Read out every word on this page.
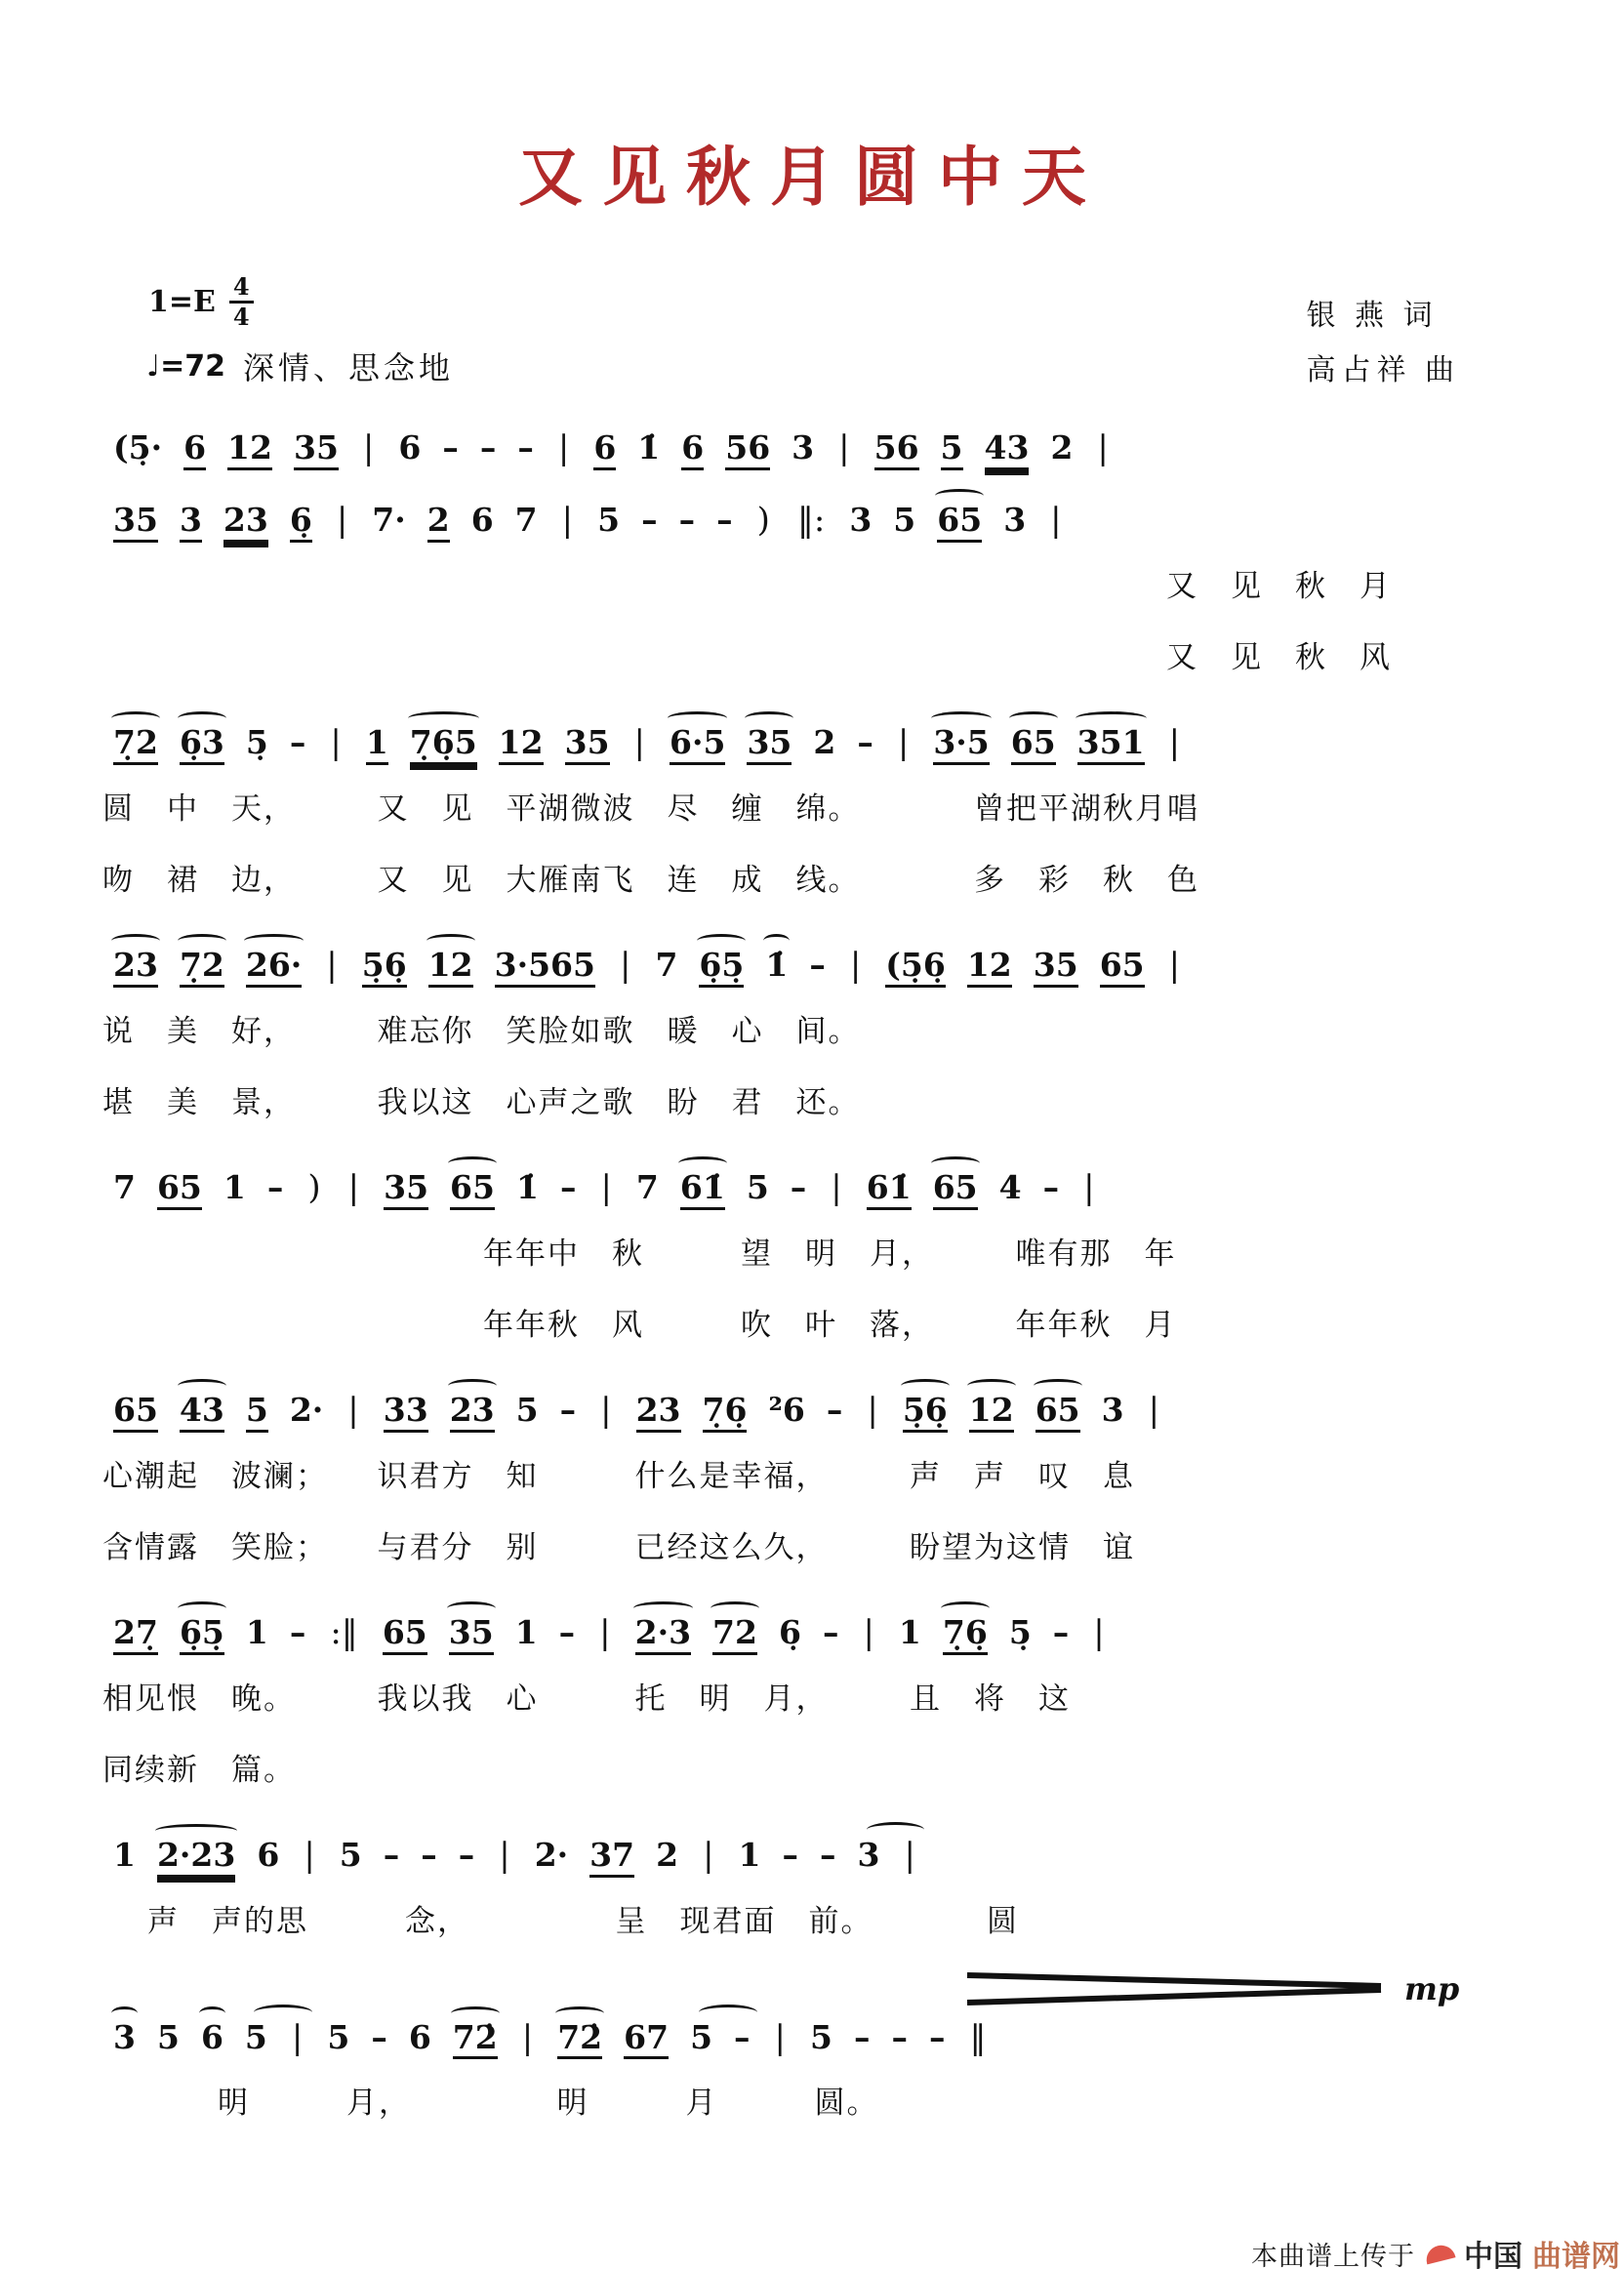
又见秋月圆中天
$1=E \frac{4}{4}$
♩=72 深情、思念地
银 燕 词
高占祥 曲
(5̣· 6 12 35 | 6 – – – | 6 1̇ 6 56 3 | 56 5 43 2 |
35 3 23 6̣ | 7· 2 6 7 | 5 – – – ) ‖: 3 5 65 3 |
又　见　秋　月
又　见　秋　风
7̣2 6̣3 5̣ – | 1 7̣6̣5 12 35 | 6·5 35 2 – | 3·5 65 351 |
圆　中　天，　　　又　见　平湖微波　尽　缠　绵。　　　　曾把平湖秋月唱
吻　裙　边，　　　又　见　大雁南飞　连　成　线。　　　　多　彩　秋　色
23 7̣2 26· | 5̣6̣ 12 3·565 | 7 6̣5̣ 1̇ – | (5̣6̣ 12 35 65 |
说　美　好，　　　难忘你　笑脸如歌　暖　心　间。
堪　美　景，　　　我以这　心声之歌　盼　君　还。
7 65 1 – ) | 35 65 1̇ – | 7 61̇ 5 – | 61̇ 65 4 – |
年年中　秋　　　望　明　月，　　　唯有那　年
年年秋　风　　　吹　叶　落，　　　年年秋　月
65 43 5 2· | 33 23 5 – | 23 7̣6̣ ²6 – | 5̣6̣ 12 65 3 |
心潮起　波澜；　　识君方　知　　　什么是幸福，　　　声　声　叹　息
含情露　笑脸；　　与君分　别　　　已经这么久，　　　盼望为这情　谊
27̣ 6̣5̣ 1 – :‖ 65 35 1 – | 2·3 72 6̣ – | 1 7̣6̣ 5̣ – |
相见恨　晚。　　　我以我　心　　　托　明　月，　　　且　将　这
同续新　篇。
1 2·23 6 | 5 – – – | 2· 37 2 | 1 – – 3 |
声　声的思　　　念，　　　　　呈　现君面　前。　　　　圆
mp
3 5 6 5 | 5 – 6 72̇ | 72̇ 67 5 – | 5 – – – ‖
明　　　月，　　　　　明　　　月　　　圆。
本曲谱上传于 中国 曲谱网
